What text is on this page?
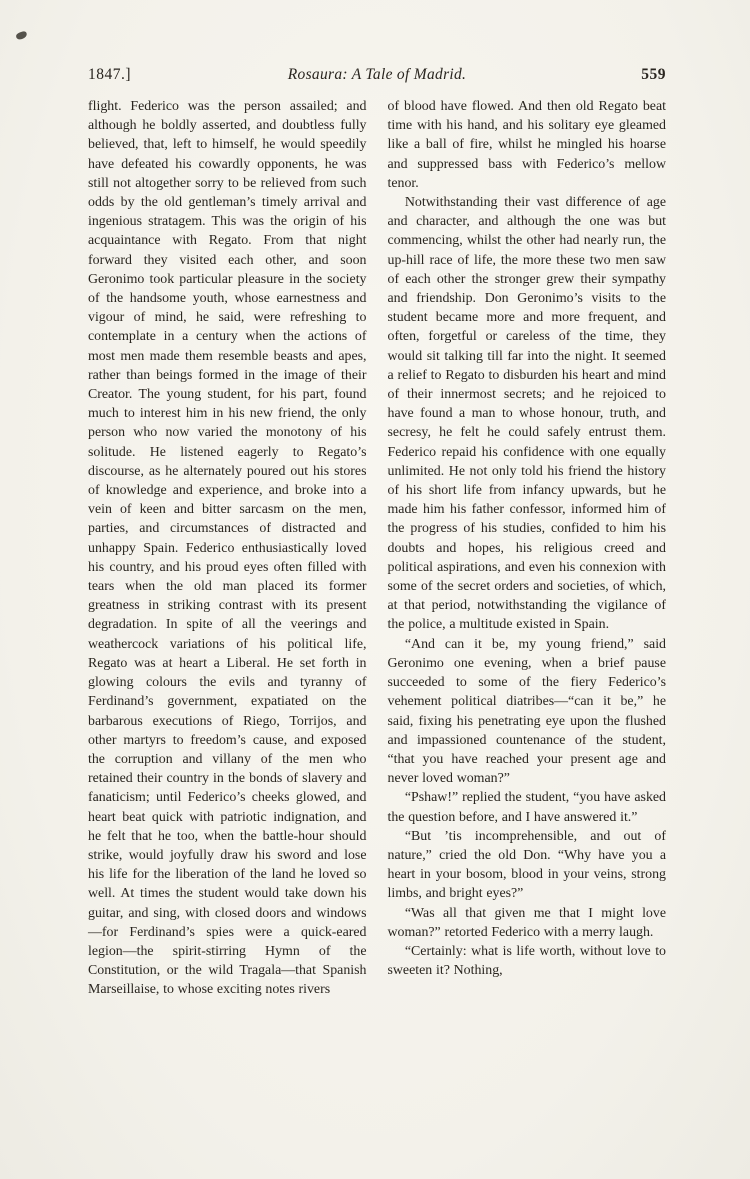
1847.]	Rosaura: A Tale of Madrid.	559

flight. Federico was the person assailed; and although he boldly asserted, and doubtless fully believed, that, left to himself, he would speedily have defeated his cowardly opponents, he was still not altogether sorry to be relieved from such odds by the old gentleman’s timely arrival and ingenious stratagem. This was the origin of his acquaintance with Regato. From that night forward they visited each other, and soon Geronimo took particular pleasure in the society of the handsome youth, whose earnestness and vigour of mind, he said, were refreshing to contemplate in a century when the actions of most men made them resemble beasts and apes, rather than beings formed in the image of their Creator. The young student, for his part, found much to interest him in his new friend, the only person who now varied the monotony of his solitude. He listened eagerly to Regato’s discourse, as he alternately poured out his stores of knowledge and experience, and broke into a vein of keen and bitter sarcasm on the men, parties, and circumstances of distracted and unhappy Spain. Federico enthusiastically loved his country, and his proud eyes often filled with tears when the old man placed its former greatness in striking contrast with its present degradation. In spite of all the veerings and weathercock variations of his political life, Regato was at heart a Liberal. He set forth in glowing colours the evils and tyranny of Ferdinand’s government, expatiated on the barbarous executions of Riego, Torrijos, and other martyrs to freedom’s cause, and exposed the corruption and villany of the men who retained their country in the bonds of slavery and fanaticism; until Federico’s cheeks glowed, and heart beat quick with patriotic indignation, and he felt that he too, when the battle-hour should strike, would joyfully draw his sword and lose his life for the liberation of the land he loved so well. At times the student would take down his guitar, and sing, with closed doors and windows—for Ferdinand’s spies were a quick-eared legion—the spirit-stirring Hymn of the Constitution, or the wild Tragala—that Spanish Marseillaise, to whose exciting notes rivers

of blood have flowed. And then old Regato beat time with his hand, and his solitary eye gleamed like a ball of fire, whilst he mingled his hoarse and suppressed bass with Federico’s mellow tenor.

Notwithstanding their vast difference of age and character, and although the one was but commencing, whilst the other had nearly run, the up-hill race of life, the more these two men saw of each other the stronger grew their sympathy and friendship. Don Geronimo’s visits to the student became more and more frequent, and often, forgetful or careless of the time, they would sit talking till far into the night. It seemed a relief to Regato to disburden his heart and mind of their innermost secrets; and he rejoiced to have found a man to whose honour, truth, and secresy, he felt he could safely entrust them. Federico repaid his confidence with one equally unlimited. He not only told his friend the history of his short life from infancy upwards, but he made him his father confessor, informed him of the progress of his studies, confided to him his doubts and hopes, his religious creed and political aspirations, and even his connexion with some of the secret orders and societies, of which, at that period, notwithstanding the vigilance of the police, a multitude existed in Spain.

“And can it be, my young friend,” said Geronimo one evening, when a brief pause succeeded to some of the fiery Federico’s vehement political diatribes—“can it be,” he said, fixing his penetrating eye upon the flushed and impassioned countenance of the student, “that you have reached your present age and never loved woman?”

“Pshaw!” replied the student, “you have asked the question before, and I have answered it.”

“But ’tis incomprehensible, and out of nature,” cried the old Don. “Why have you a heart in your bosom, blood in your veins, strong limbs, and bright eyes?”

“Was all that given me that I might love woman?” retorted Federico with a merry laugh.

“Certainly: what is life worth, without love to sweeten it? Nothing,
